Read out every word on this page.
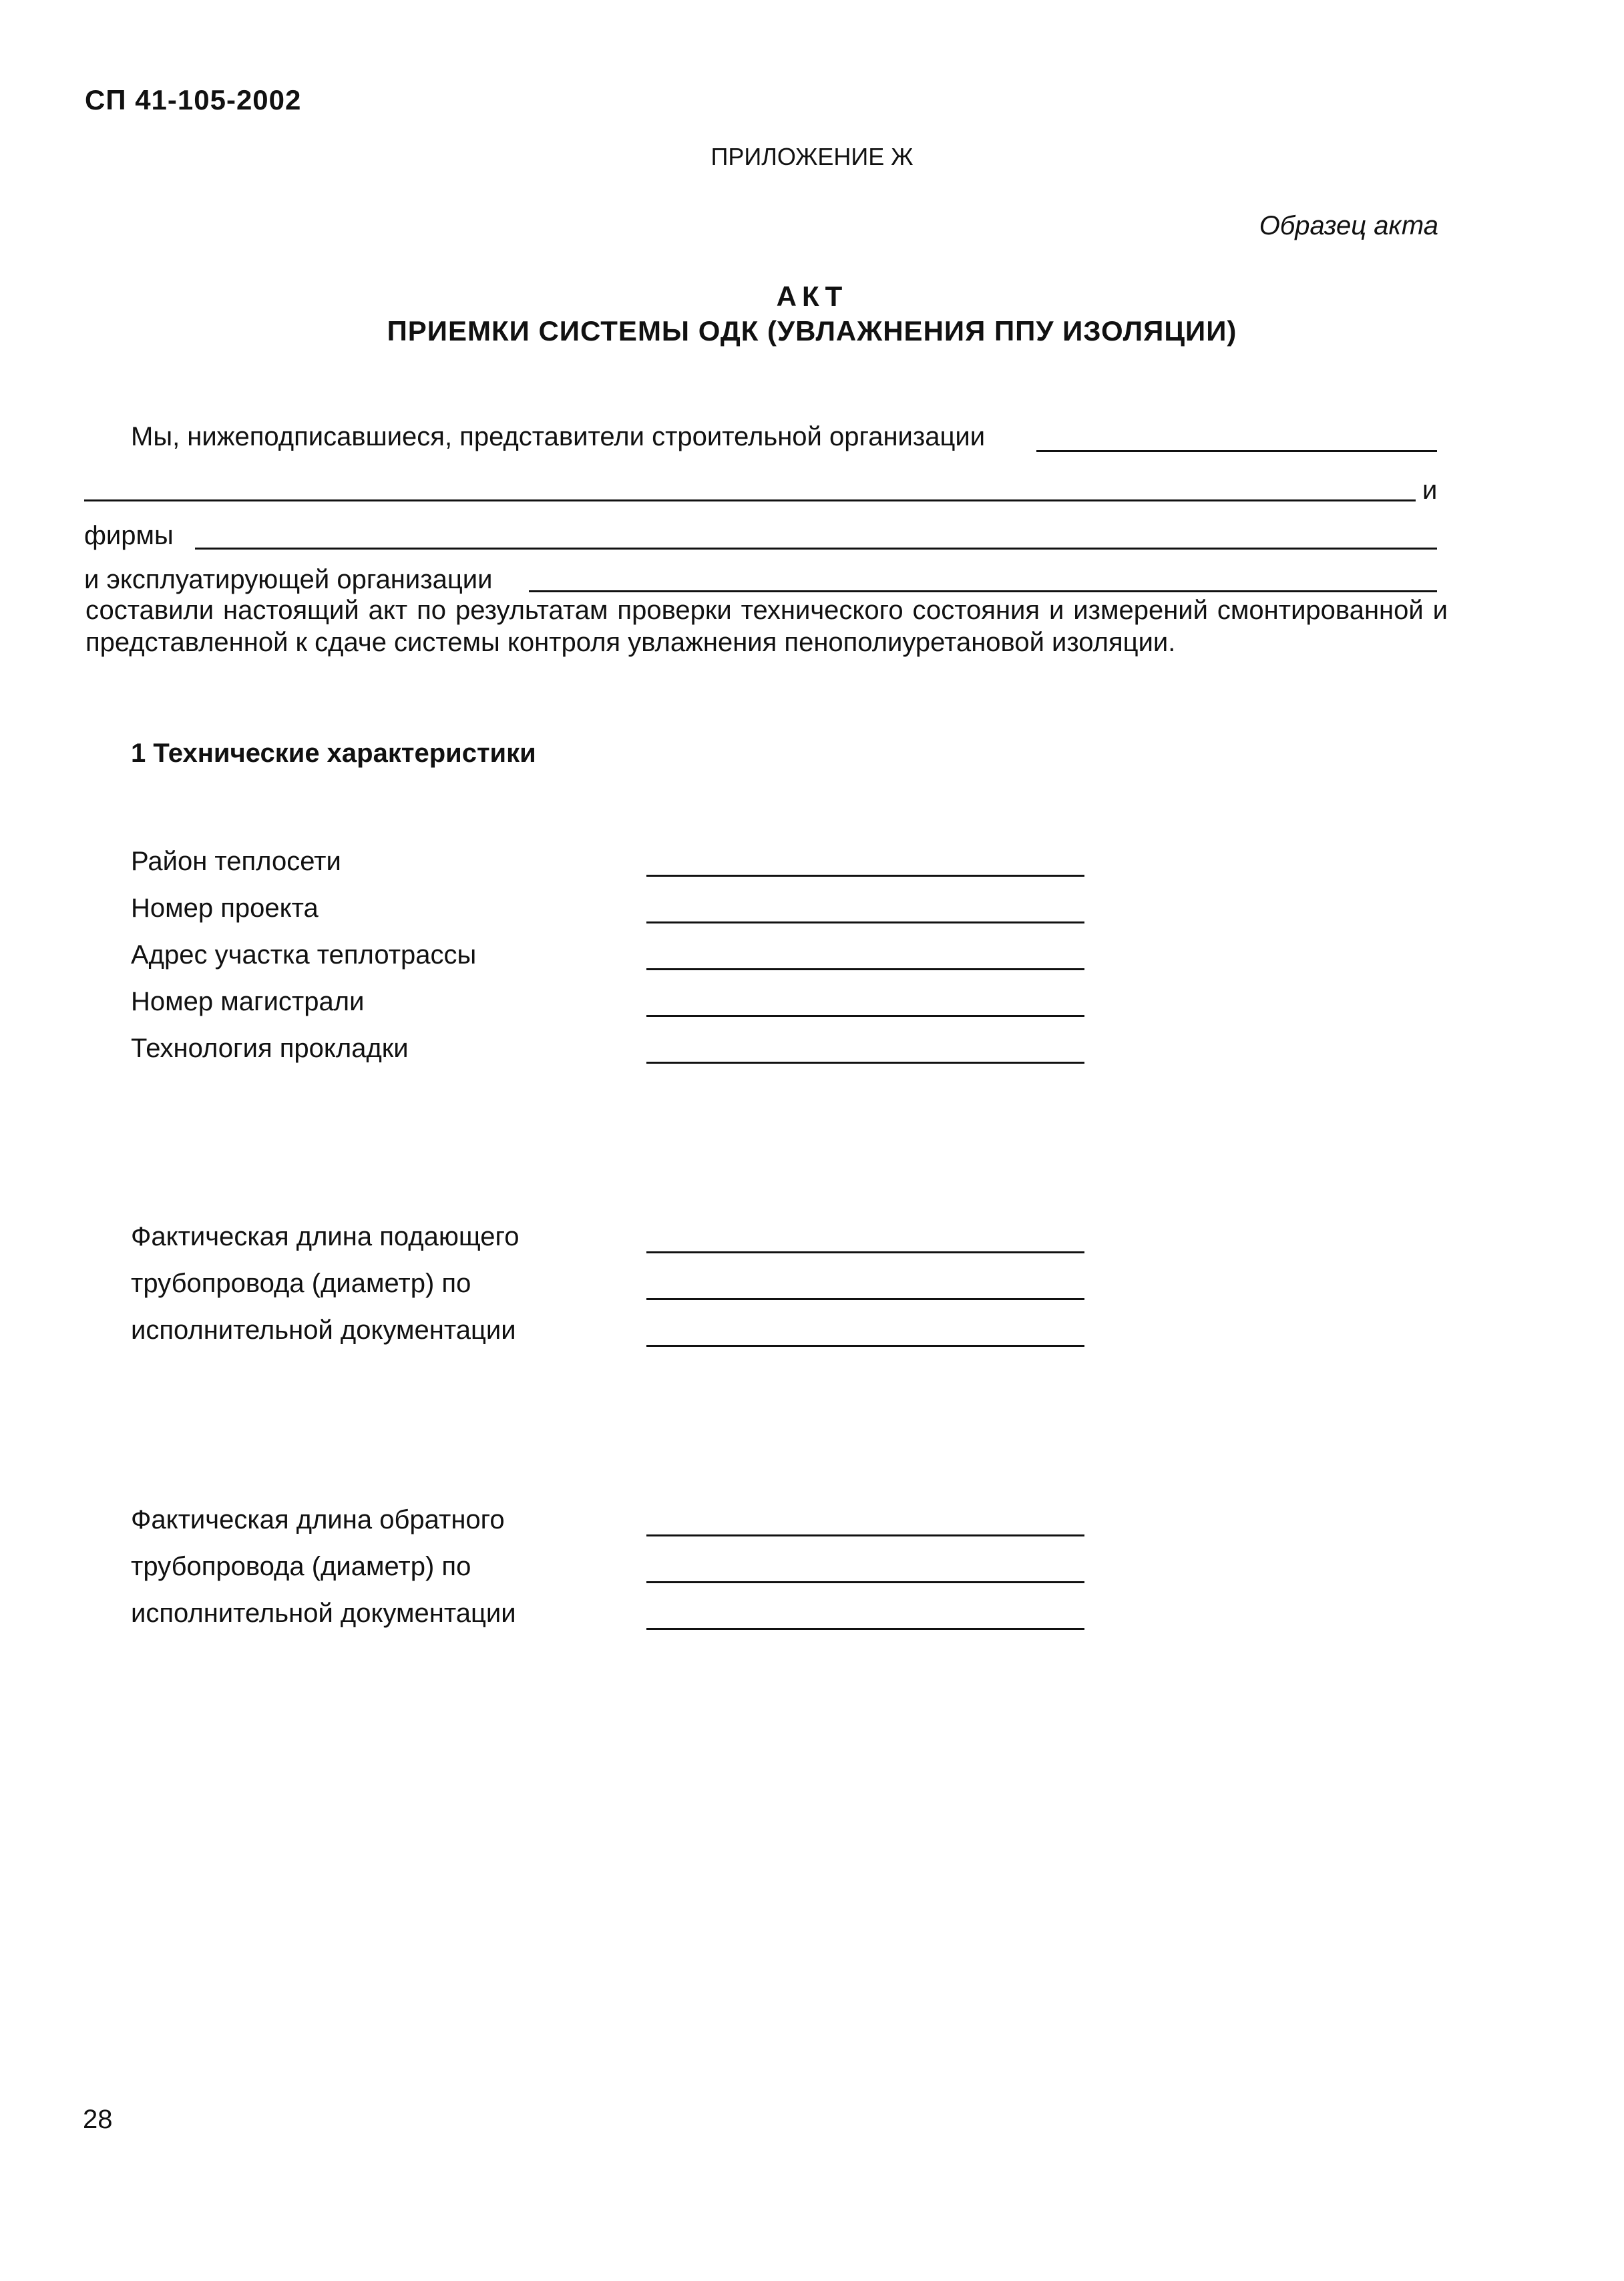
СП 41-105-2002
ПРИЛОЖЕНИЕ Ж
Образец акта
АКТ
ПРИЕМКИ СИСТЕМЫ ОДК (УВЛАЖНЕНИЯ ППУ ИЗОЛЯЦИИ)
Мы, нижеподписавшиеся, представители строительной организации
и
фирмы
и эксплуатирующей организации
составили настоящий акт по результатам проверки технического состояния и измерений смонтированной и представленной к сдаче системы контроля увлажнения пенополиуретановой изоляции.
1 Технические характеристики
Район теплосети
Номер проекта
Адрес участка теплотрассы
Номер магистрали
Технология прокладки
Фактическая длина подающего
трубопровода (диаметр) по
исполнительной документации
Фактическая длина обратного
трубопровода (диаметр) по
исполнительной документации
28
